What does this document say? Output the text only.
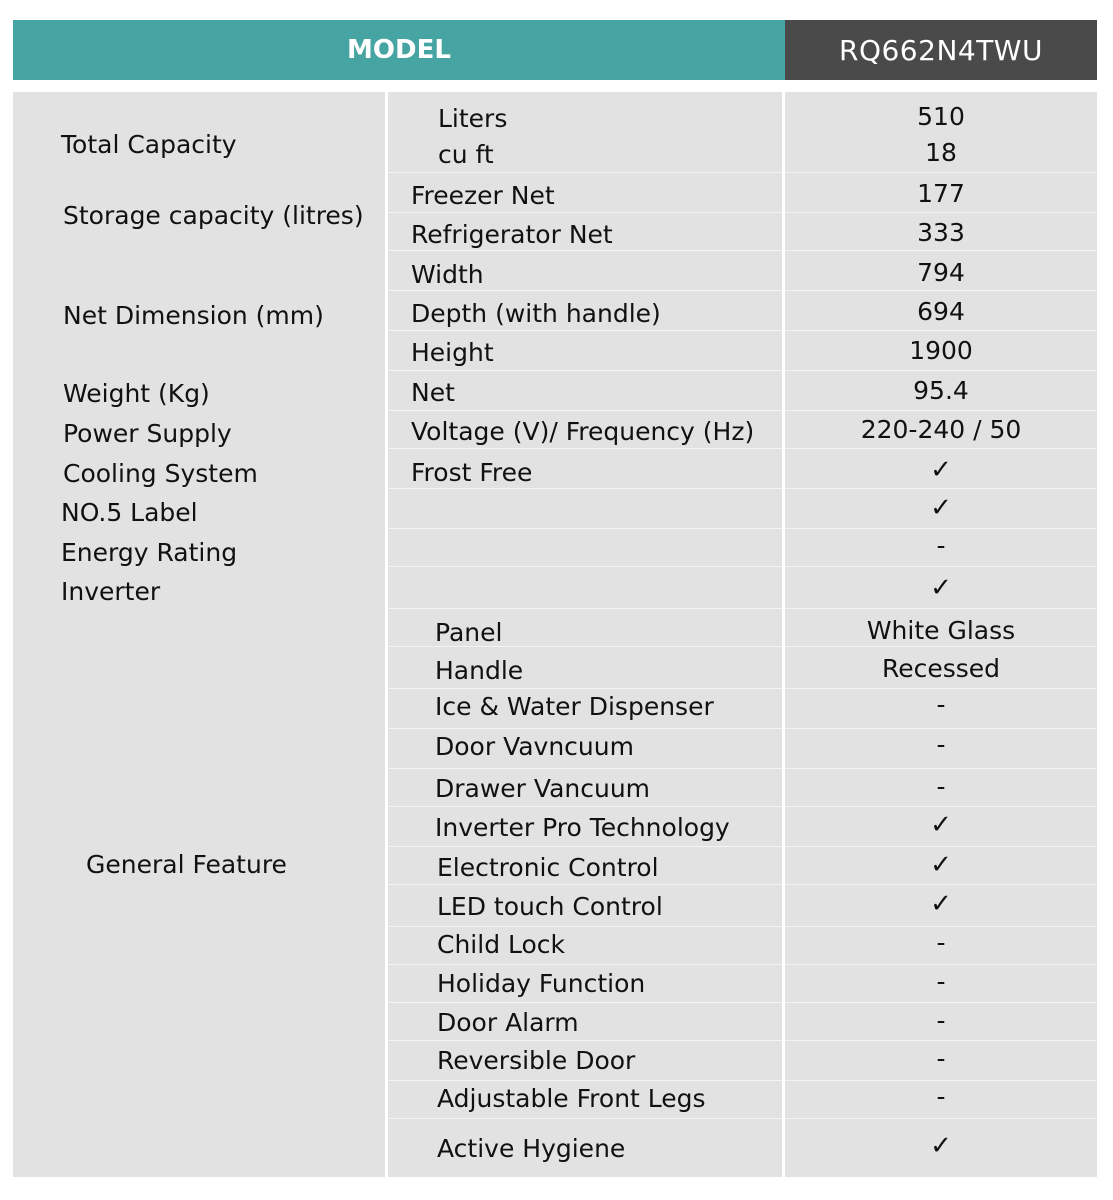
MODEL	RQ662N4TWU
Total Capacity
Storage capacity (litres)
Net Dimension (mm)
Weight (Kg)
Power Supply
Cooling System
NO.5 Label
Energy Rating
Inverter
General Feature
Liters
cu ft
Freezer Net
Refrigerator Net
Width
Depth (with handle)
Height
Net
Voltage (V)/ Frequency (Hz)
Frost Free
Panel
Handle
Ice & Water Dispenser
Door Vavncuum
Drawer Vancuum
Inverter Pro Technology
Electronic Control
LED touch Control
Child Lock
Holiday Function
Door Alarm
Reversible Door
Adjustable Front Legs
Active Hygiene
510
18
177
333
794
694
1900
95.4
220-240 / 50
✓
✓
-
✓
White Glass
Recessed
-
-
-
✓
✓
✓
-
-
-
-
-
✓
